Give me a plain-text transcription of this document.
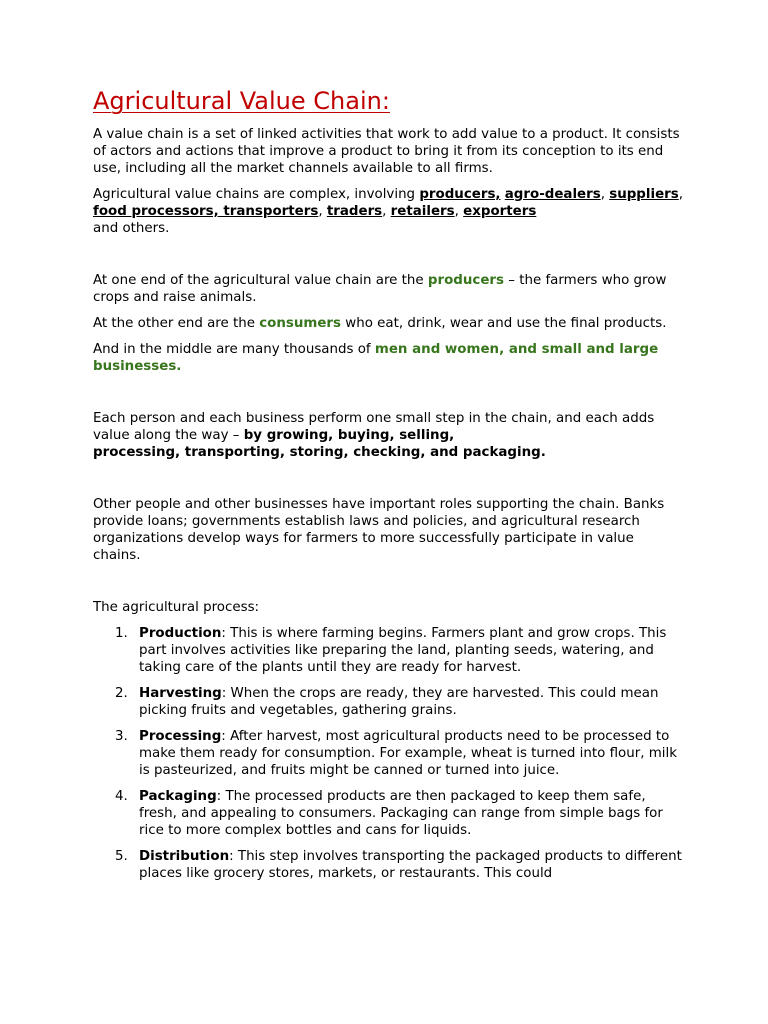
Agricultural Value Chain:

A value chain is a set of linked activities that work to add value to a product. It consists of actors and actions that improve a product to bring it from its conception to its end use, including all the market channels available to all firms.

Agricultural value chains are complex, involving producers, agro-dealers, suppliers, food processors, transporters, traders, retailers, exporters
and others.

At one end of the agricultural value chain are the producers – the farmers who grow crops and raise animals.

At the other end are the consumers who eat, drink, wear and use the final products.

And in the middle are many thousands of men and women, and small and large businesses.

Each person and each business perform one small step in the chain, and each adds value along the way – by growing, buying, selling,
processing, transporting, storing, checking, and packaging.

Other people and other businesses have important roles supporting the chain. Banks provide loans; governments establish laws and policies, and agricultural research organizations develop ways for farmers to more successfully participate in value chains.

The agricultural process:

1. Production: This is where farming begins. Farmers plant and grow crops. This part involves activities like preparing the land, planting seeds, watering, and taking care of the plants until they are ready for harvest.
2. Harvesting: When the crops are ready, they are harvested. This could mean picking fruits and vegetables, gathering grains.
3. Processing: After harvest, most agricultural products need to be processed to make them ready for consumption. For example, wheat is turned into flour, milk is pasteurized, and fruits might be canned or turned into juice.
4. Packaging: The processed products are then packaged to keep them safe, fresh, and appealing to consumers. Packaging can range from simple bags for rice to more complex bottles and cans for liquids.
5. Distribution: This step involves transporting the packaged products to different places like grocery stores, markets, or restaurants. This could
